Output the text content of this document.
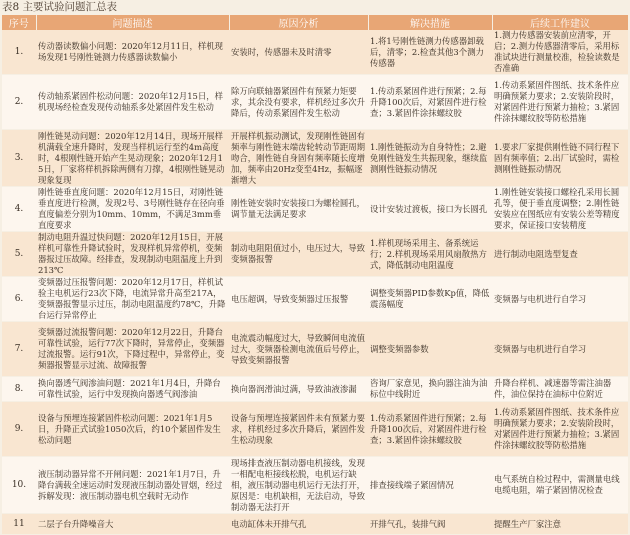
表8 主要试验问题汇总表
序号	问题描述	原因分析	解决措施	后续工作建议
1.	传动器读数偏小问题：2020年12月11日，样机现场发现1号刚性链测力传感器读数偏小	安装时，传感器未及时清零	1.将1号刚性链测力传感器卸载后，清零；2.检查其他3个测力传感器	1.测力传感器安装前应清零，开启；2.测力传感器清零后，采用标准试块进行测量校准，检验读数是否准确
2.	传动轴系紧固件松动问题：2020年12月15日，样机现场经检查发现传动轴系多处紧固件发生松动	除万向联轴器紧固件有预紧力矩要求，其余没有要求，样机经过多次升降后，传动系紧固件发生松动	1.传动系紧固件进行预紧；2.每升降100次后，对紧固件进行检查；3.紧固件涂抹螺纹胶	1.传动系紧固件图纸、技术条件应明确预紧力要求；2.安装阶段时，对紧固件进行预紧力抽检；3.紧固件涂抹螺纹胶等防松措施
3.	刚性链晃动问题：2020年12月14日，现场开展样机满载全速升降时，发现当样机运行至约4m高度时，4根刚性链开始产生晃动现象；2020年12月15日，厂家将样机拆除两侧有刀撑，4根刚性链晃动现象复现	开展样机振动测试，发现刚性链固有频率与刚性链末端齿轮转动节距周期吻合，刚性链自身固有频率随长度增加，频率由20Hz变至4Hz，振幅逐渐增大	1.刚性链振动为自身特性；2.避免刚性链发生共振现象，继续监测刚性链振动情况	1.要求厂家提供刚性链不同行程下固有频率值；2.出厂试验时，需检测刚性链振动情况
4.	刚性链垂直度问题：2020年12月15日，对刚性链垂直度进行检测，发现2号、3号刚性链存在径向垂直度偏差分别为10mm、10mm，不满足3mm垂直度要求	刚性链安装时安装接口为螺栓圆孔，调节量无法满足要求	设计安装过渡板，接口为长圆孔	1.刚性链安装接口螺栓孔采用长圆孔等，便于垂直度调整；2.刚性链安装应在图纸应有安装公差等精度要求，保证接口安装精度
5.	制动电阻升温过快问题：2020年12月15日，开展样机可靠性升降试验时，发现样机异常停机，变频器报过压故障。经排查，发现制动电阻温度上升到213℃	制动电阻阻值过小，电压过大，导致变频器报警	1.样机现场采用主、备系统运行；2.样机现场采用风扇散热方式，降低制动电阻温度	进行制动电阻选型复查
6.	变频器过压报警问题：2020年12月17日，样机试验主电机运行23次下降，电流异常升高至217A，变频器报警显示过压，制动电阻温度约78℃，升降台运行异常停止	电压超调，导致变频器过压报警	调整变频器PID参数Kp值，降低震荡幅度	变频器与电机进行自学习
7.	变频器过流报警问题：2020年12月22日，升降台可靠性试验，运行77次下降时，异常停止，变频器过流报警。运行91次，下降过程中，异常停止，变频器报警显示过流、故障报警	电流震动幅度过大，导致瞬间电流值过大，变频器检测电流值后号停止，导致变频器报警	调整变频器参数	变频器与电机进行自学习
8.	换向器透气阀渗油问题：2021年1月4日，升降台可靠性试验，运行中发现换向器透气阀渗油	换向器润滑油过满，导致油液渗漏	咨询厂家意见，换向器注油为油标位中线附近	升降台样机、减速器等需注油器件，油位保持在油标中位附近
9.	设备与预埋连接紧固件松动问题：2021年1月5日，升降正式试验1050次后，约10个紧固件发生松动问题	设备与预埋连接紧固件未有预紧力要求，样机经过多次升降后，紧固件发生松动现象	1.传动系紧固件进行预紧；2.每升降100次后，对紧固件进行检查；3.紧固件涂抹螺纹胶	1.传动系紧固件图纸、技术条件应明确预紧力要求；2.安装阶段时，对紧固件进行预紧力抽检；3.紧固件涂抹螺纹胶等防松措施
10.	液压制动器异常不开闸问题：2021年1月7日，升降台满载全速运动时发现液压制动器处冒烟，经过拆解发现：液压制动器电机空载时无动作	现场排查液压制动器电机接线，发现一相配电柜接线松脱，电机运行缺相，液压制动器电机运行无法打开，原因是：电机缺相，无法启动，导致制动器无法打开	排查接线端子紧固情况	电气系统自检过程中，需测量电线电缆电阻，端子紧固情况检查
11	二层子台升降噪音大	电动缸体未开排气孔	开排气孔，装排气阀	提醒生产厂家注意
